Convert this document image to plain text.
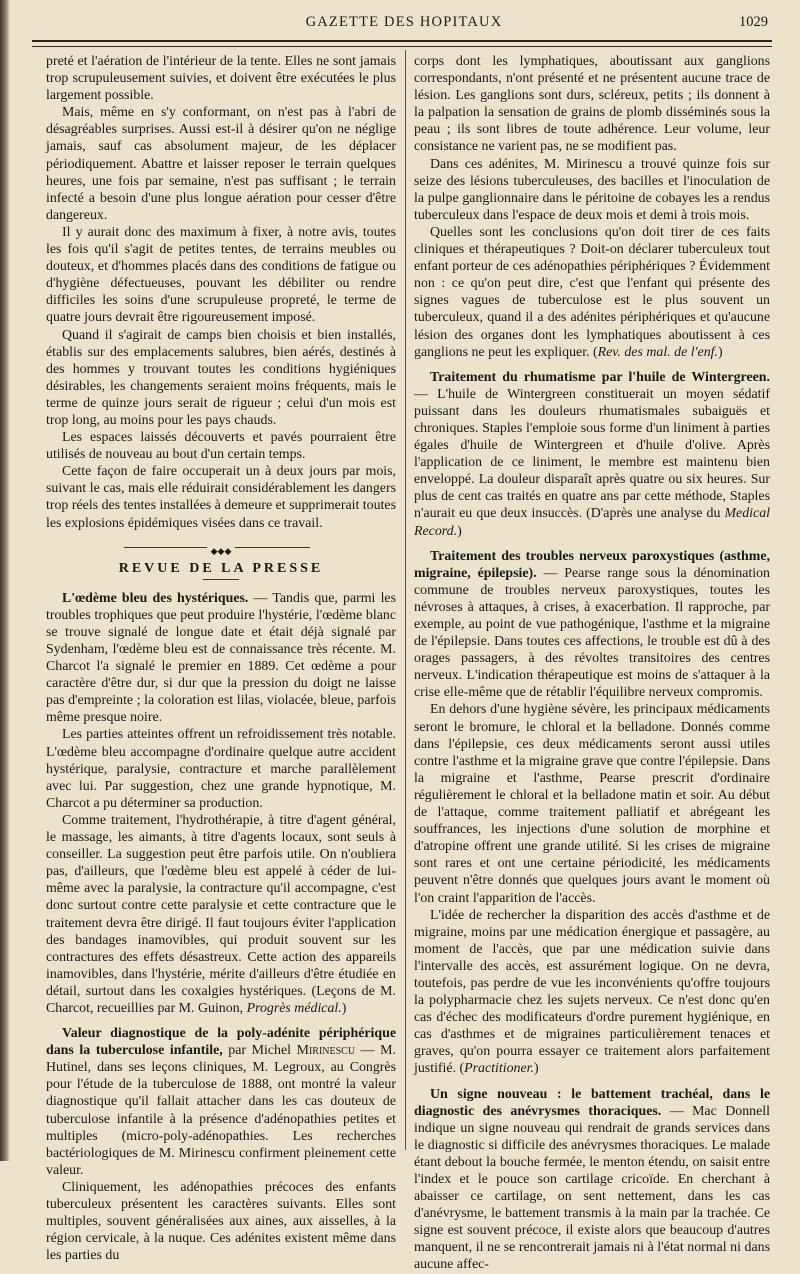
GAZETTE DES HOPITAUX	1029

preté et l'aération de l'intérieur de la tente. Elles ne sont jamais trop scrupuleusement suivies, et doivent être exécutées le plus largement possible.

Mais, même en s'y conformant, on n'est pas à l'abri de désagréables surprises. Aussi est-il à désirer qu'on ne néglige jamais, sauf cas absolument majeur, de les déplacer périodiquement. Abattre et laisser reposer le terrain quelques heures, une fois par semaine, n'est pas suffisant ; le terrain infecté a besoin d'une plus longue aération pour cesser d'être dangereux.

Il y aurait donc des maximum à fixer, à notre avis, toutes les fois qu'il s'agit de petites tentes, de terrains meubles ou douteux, et d'hommes placés dans des conditions de fatigue ou d'hygiène défectueuses, pouvant les débiliter ou rendre difficiles les soins d'une scrupuleuse propreté, le terme de quatre jours devrait être rigoureusement imposé.

Quand il s'agirait de camps bien choisis et bien installés, établis sur des emplacements salubres, bien aérés, destinés à des hommes y trouvant toutes les conditions hygiéniques désirables, les changements seraient moins fréquents, mais le terme de quinze jours serait de rigueur ; celui d'un mois est trop long, au moins pour les pays chauds.

Les espaces laissés découverts et pavés pourraient être utilisés de nouveau au bout d'un certain temps.

Cette façon de faire occuperait un à deux jours par mois, suivant le cas, mais elle réduirait considérablement les dangers trop réels des tentes installées à demeure et supprimerait toutes les explosions épidémiques visées dans ce travail.

◆◆◆
REVUE DE LA PRESSE

L'œdème bleu des hystériques. — Tandis que, parmi les troubles trophiques que peut produire l'hystérie, l'œdème blanc se trouve signalé de longue date et était déjà signalé par Sydenham, l'œdème bleu est de connaissance très récente. M. Charcot l'a signalé le premier en 1889. Cet œdème a pour caractère d'être dur, si dur que la pression du doigt ne laisse pas d'empreinte ; la coloration est lilas, violacée, bleue, parfois même presque noire.

Les parties atteintes offrent un refroidissement très notable. L'œdème bleu accompagne d'ordinaire quelque autre accident hystérique, paralysie, contracture et marche parallèlement avec lui. Par suggestion, chez une grande hypnotique, M. Charcot a pu déterminer sa production.

Comme traitement, l'hydrothérapie, à titre d'agent général, le massage, les aimants, à titre d'agents locaux, sont seuls à conseiller. La suggestion peut être parfois utile. On n'oubliera pas, d'ailleurs, que l'œdème bleu est appelé à céder de lui-même avec la paralysie, la contracture qu'il accompagne, c'est donc surtout contre cette paralysie et cette contracture que le traitement devra être dirigé. Il faut toujours éviter l'application des bandages inamovibles, qui produit souvent sur les contractures des effets désastreux. Cette action des appareils inamovibles, dans l'hystérie, mérite d'ailleurs d'être étudiée en détail, surtout dans les coxalgies hystériques. (Leçons de M. Charcot, recueillies par M. Guinon, Progrès médical.)

Valeur diagnostique de la poly-adénite périphérique dans la tuberculose infantile, par Michel Mirinescu — M. Hutinel, dans ses leçons cliniques, M. Legroux, au Congrès pour l'étude de la tuberculose de 1888, ont montré la valeur diagnostique qu'il fallait attacher dans les cas douteux de tuberculose infantile à la présence d'adénopathies petites et multiples (micro-poly-adénopathies. Les recherches bactériologiques de M. Mirinescu confirment pleinement cette valeur.

Cliniquement, les adénopathies précoces des enfants tuberculeux présentent les caractères suivants. Elles sont multiples, souvent généralisées aux aines, aux aisselles, à la région cervicale, à la nuque. Ces adénites existent même dans les parties du

corps dont les lymphatiques, aboutissant aux ganglions correspondants, n'ont présenté et ne présentent aucune trace de lésion. Les ganglions sont durs, scléreux, petits ; ils donnent à la palpation la sensation de grains de plomb disséminés sous la peau ; ils sont libres de toute adhérence. Leur volume, leur consistance ne varient pas, ne se modifient pas.

Dans ces adénites, M. Mirinescu a trouvé quinze fois sur seize des lésions tuberculeuses, des bacilles et l'inoculation de la pulpe ganglionnaire dans le péritoine de cobayes les a rendus tuberculeux dans l'espace de deux mois et demi à trois mois.

Quelles sont les conclusions qu'on doit tirer de ces faits cliniques et thérapeutiques ? Doit-on déclarer tuberculeux tout enfant porteur de ces adénopathies périphériques ? Évidemment non : ce qu'on peut dire, c'est que l'enfant qui présente des signes vagues de tuberculose est le plus souvent un tuberculeux, quand il a des adénites périphériques et qu'aucune lésion des organes dont les lymphatiques aboutissent à ces ganglions ne peut les expliquer. (Rev. des mal. de l'enf.)

Traitement du rhumatisme par l'huile de Wintergreen. — L'huile de Wintergreen constituerait un moyen sédatif puissant dans les douleurs rhumatismales subaiguës et chroniques. Staples l'emploie sous forme d'un liniment à parties égales d'huile de Wintergreen et d'huile d'olive. Après l'application de ce liniment, le membre est maintenu bien enveloppé. La douleur disparaît après quatre ou six heures. Sur plus de cent cas traités en quatre ans par cette méthode, Staples n'aurait eu que deux insuccès. (D'après une analyse du Medical Record.)

Traitement des troubles nerveux paroxystiques (asthme, migraine, épilepsie). — Pearse range sous la dénomination commune de troubles nerveux paroxystiques, toutes les névroses à attaques, à crises, à exacerbation. Il rapproche, par exemple, au point de vue pathogénique, l'asthme et la migraine de l'épilepsie. Dans toutes ces affections, le trouble est dû à des orages passagers, à des révoltes transitoires des centres nerveux. L'indication thérapeutique est moins de s'attaquer à la crise elle-même que de rétablir l'équilibre nerveux compromis.

En dehors d'une hygiène sévère, les principaux médicaments seront le bromure, le chloral et la belladone. Donnés comme dans l'épilepsie, ces deux médicaments seront aussi utiles contre l'asthme et la migraine grave que contre l'épilepsie. Dans la migraine et l'asthme, Pearse prescrit d'ordinaire régulièrement le chloral et la belladone matin et soir. Au début de l'attaque, comme traitement palliatif et abrégeant les souffrances, les injections d'une solution de morphine et d'atropine offrent une grande utilité. Si les crises de migraine sont rares et ont une certaine périodicité, les médicaments peuvent n'être donnés que quelques jours avant le moment où l'on craint l'apparition de l'accès.

L'idée de rechercher la disparition des accès d'asthme et de migraine, moins par une médication énergique et passagère, au moment de l'accès, que par une médication suivie dans l'intervalle des accès, est assurément logique. On ne devra, toutefois, pas perdre de vue les inconvénients qu'offre toujours la polypharmacie chez les sujets nerveux. Ce n'est donc qu'en cas d'échec des modificateurs d'ordre purement hygiénique, en cas d'asthmes et de migraines particulièrement tenaces et graves, qu'on pourra essayer ce traitement alors parfaitement justifié. (Practitioner.)

Un signe nouveau : le battement trachéal, dans le diagnostic des anévrysmes thoraciques. — Mac Donnell indique un signe nouveau qui rendrait de grands services dans le diagnostic si difficile des anévrysmes thoraciques. Le malade étant debout la bouche fermée, le menton étendu, on saisit entre l'index et le pouce son cartilage cricoïde. En cherchant à abaisser ce cartilage, on sent nettement, dans les cas d'anévrysme, le battement transmis à la main par la trachée. Ce signe est souvent précoce, il existe alors que beaucoup d'autres manquent, il ne se rencontrerait jamais ni à l'état normal ni dans aucune affec-
